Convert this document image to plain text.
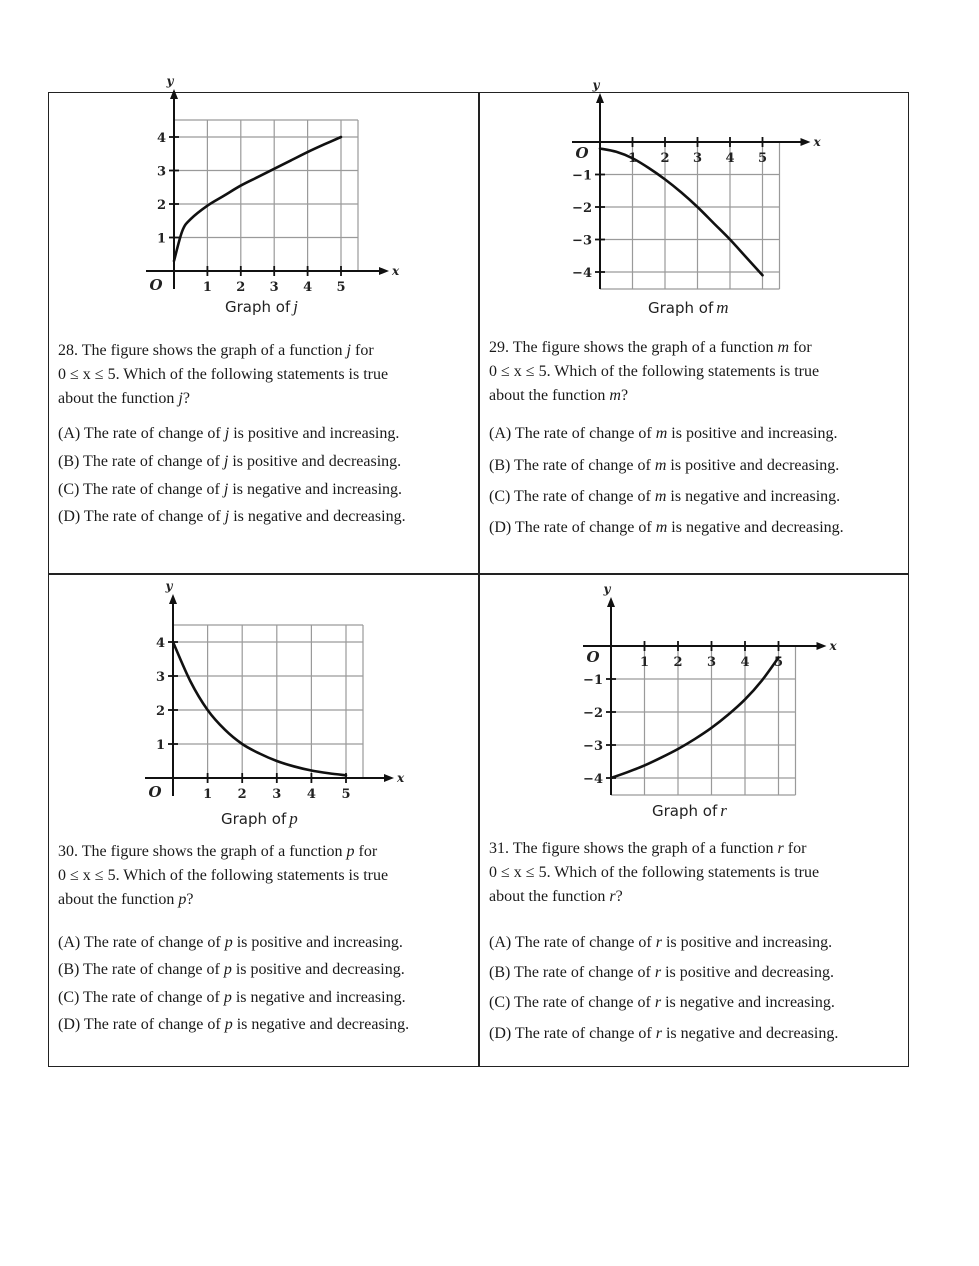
x
y
O	1 2 3 4 5
1
2
3
4
Graph of j
28. The figure shows the graph of a function j for
0 ≤ x ≤ 5. Which of the following statements is true
about the function j?
(A) The rate of change of j is positive and increasing.
(B) The rate of change of j is positive and decreasing.
(C) The rate of change of j is negative and increasing.
(D) The rate of change of j is negative and decreasing.
x
y
O	1 2 3 4 5
−1
−2
−3
−4
Graph of m
29. The figure shows the graph of a function m for
0 ≤ x ≤ 5. Which of the following statements is true
about the function m?
(A) The rate of change of m is positive and increasing.
(B) The rate of change of m is positive and decreasing.
(C) The rate of change of m is negative and increasing.
(D) The rate of change of m is negative and decreasing.
x
y
O	1 2 3 4 5
1
2
3
4
Graph of p
30. The figure shows the graph of a function p for
0 ≤ x ≤ 5. Which of the following statements is true
about the function p?
(A) The rate of change of p is positive and increasing.
(B) The rate of change of p is positive and decreasing.
(C) The rate of change of p is negative and increasing.
(D) The rate of change of p is negative and decreasing.
x
y
O	1 2 3 4 5
−1
−2
−3
−4
Graph of r
31. The figure shows the graph of a function r for
0 ≤ x ≤ 5. Which of the following statements is true
about the function r?
(A) The rate of change of r is positive and increasing.
(B) The rate of change of r is positive and decreasing.
(C) The rate of change of r is negative and increasing.
(D) The rate of change of r is negative and decreasing.
